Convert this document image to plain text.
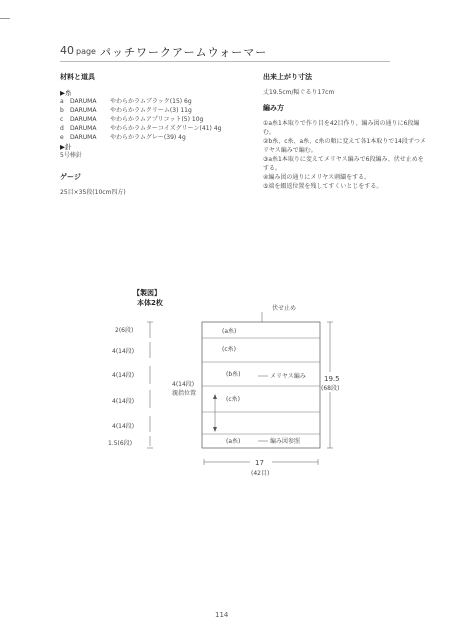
40 page パッチワークアームウォーマー
材料と道具
▶糸
a DARUMA やわらかラム ブラック(15) 6g
b DARUMA やわらかラム クリーム(3) 11g
c DARUMA やわらかラム アプリコット(5) 10g
d DARUMA やわらかラム ターコイズグリーン(41) 4g
e DARUMA やわらかラム グレー(39) 4g
▶針
5号棒針
ゲージ
25目×35段(10cm四方)
出来上がり寸法
丈19.5cm/幅ぐるり17cm
編み方
①a糸1本取りで作り目を42目作り、編み図の通りに6段編む。
②b糸、c糸、a糸、c糸の順に変えて各1本取りで14段ずつメリヤス編みで編む。
③a糸1本取りに変えてメリヤス編みで6段編み、伏せ止めをする。
④編み図の通りにメリヤス刺繍をする。
⑤端を綴返位置を残してすくいとじをする。
【製図】
本体2枚
伏せ止め
(a糸)
(c糸)
(b糸)
(c糸)
(a糸)
メリヤス編み
編み図参照
4(14段)
親指位置
2(6段)
4(14段)
4(14段)
4(14段)
4(14段)
1.5(6段)
19.5
(68段)
17
(42目)
114
